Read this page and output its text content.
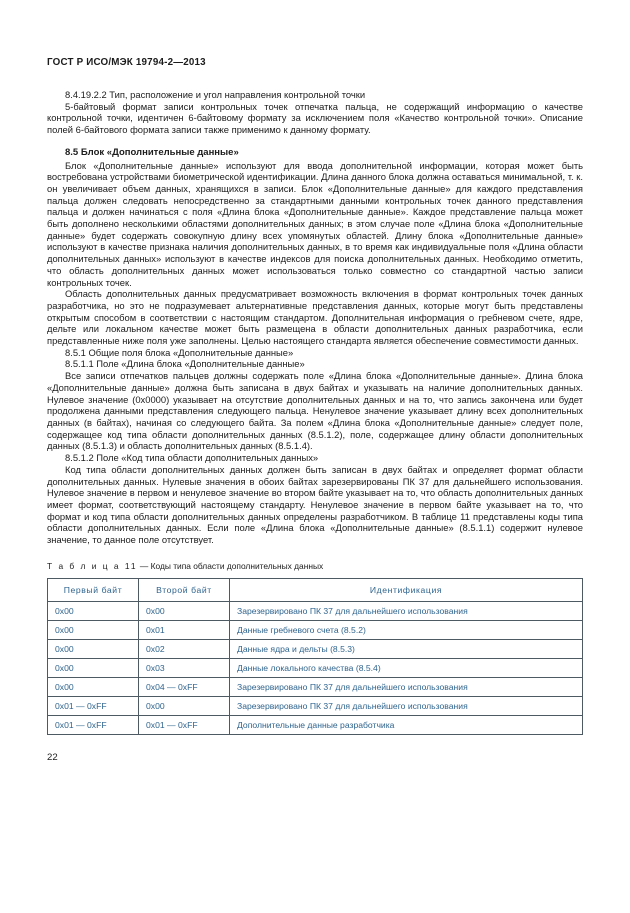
ГОСТ Р ИСО/МЭК 19794-2—2013
8.4.19.2.2 Тип, расположение и угол направления контрольной точки
5-байтовый формат записи контрольных точек отпечатка пальца, не содержащий информацию о качестве контрольной точки, идентичен 6-байтовому формату за исключением поля «Качество контрольной точки». Описание полей 6-байтового формата записи также применимо к данному формату.
8.5 Блок «Дополнительные данные»
Блок «Дополнительные данные» используют для ввода дополнительной информации, которая может быть востребована устройствами биометрической идентификации. Длина данного блока должна оставаться минимальной, т. к. он увеличивает объем данных, хранящихся в записи. Блок «Дополнительные данные» для каждого представления пальца должен следовать непосредственно за стандартными данными контрольных точек данного представления пальца и должен начинаться с поля «Длина блока «Дополнительные данные». Каждое представление пальца может быть дополнено несколькими областями дополнительных данных; в этом случае поле «Длина блока «Дополнительные данные» будет содержать совокупную длину всех упомянутых областей. Длину блока «Дополнительные данные» используют в качестве признака наличия дополнительных данных, в то время как индивидуальные поля «Длина области дополнительных данных» используют в качестве индексов для поиска дополнительных данных. Необходимо отметить, что область дополнительных данных может использоваться только совместно со стандартной частью записи контрольных точек.
Область дополнительных данных предусматривает возможность включения в формат контрольных точек данных разработчика, но это не подразумевает альтернативные представления данных, которые могут быть представлены открытым способом в соответствии с настоящим стандартом. Дополнительная информация о гребневом счете, ядре, дельте или локальном качестве может быть размещена в области дополнительных данных разработчика, если представленные ниже поля уже заполнены. Целью настоящего стандарта является обеспечение совместимости данных.
8.5.1 Общие поля блока «Дополнительные данные»
8.5.1.1 Поле «Длина блока «Дополнительные данные»
Все записи отпечатков пальцев должны содержать поле «Длина блока «Дополнительные данные». Длина блока «Дополнительные данные» должна быть записана в двух байтах и указывать на наличие дополнительных данных. Нулевое значение (0x0000) указывает на отсутствие дополнительных данных и на то, что запись закончена или будет продолжена данными представления следующего пальца. Ненулевое значение указывает длину всех дополнительных данных (в байтах), начиная со следующего байта. За полем «Длина блока «Дополнительные данные» следует поле, содержащее код типа области дополнительных данных (8.5.1.2), поле, содержащее длину области дополнительных данных (8.5.1.3) и область дополнительных данных (8.5.1.4).
8.5.1.2 Поле «Код типа области дополнительных данных»
Код типа области дополнительных данных должен быть записан в двух байтах и определяет формат области дополнительных данных. Нулевые значения в обоих байтах зарезервированы ПК 37 для дальнейшего использования. Нулевое значение в первом и ненулевое значение во втором байте указывает на то, что область дополнительных данных имеет формат, соответствующий настоящему стандарту. Ненулевое значение в первом байте указывает на то, что формат и код типа области дополнительных данных определены разработчиком. В таблице 11 представлены коды типа области дополнительных данных. Если поле «Длина блока «Дополнительные данные» (8.5.1.1) содержит нулевое значение, то данное поле отсутствует.
Т а б л и ц а 11 — Коды типа области дополнительных данных
Первый байт	Второй байт	Идентификация
0x00	0x00	Зарезервировано ПК 37 для дальнейшего использования
0x00	0x01	Данные гребневого счета (8.5.2)
0x00	0x02	Данные ядра и дельты (8.5.3)
0x00	0x03	Данные локального качества (8.5.4)
0x00	0x04 — 0xFF	Зарезервировано ПК 37 для дальнейшего использования
0x01 — 0xFF	0x00	Зарезервировано ПК 37 для дальнейшего использования
0x01 — 0xFF	0x01 — 0xFF	Дополнительные данные разработчика
22
